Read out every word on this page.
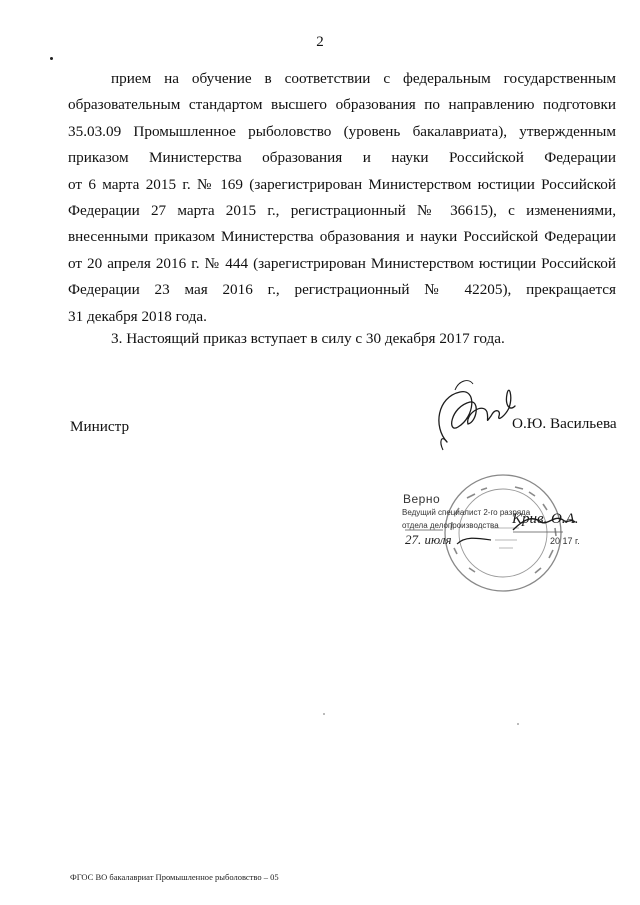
2
прием на обучение в соответствии с федеральным государственным
образовательным стандартом высшего образования по направлению подготовки
35.03.09 Промышленное рыболовство (уровень бакалавриата), утвержденным
приказом Министерства образования и науки Российской Федерации
от 6 марта 2015 г. № 169 (зарегистрирован Министерством юстиции Российской
Федерации 27 марта 2015 г., регистрационный № 36615), с изменениями,
внесенными приказом Министерства образования и науки Российской Федерации
от 20 апреля 2016 г. № 444 (зарегистрирован Министерством юстиции Российской
Федерации 23 мая 2016 г., регистрационный № 42205), прекращается
31 декабря 2018 года.
3. Настоящий приказ вступает в силу с 30 декабря 2017 года.
Министр	О.Ю. Васильева
Верно
Ведущий специалист 2-го разряда
отдела делопроизводства Крив. О.А.
27. июля	20 17 г.
ФГОС ВО бакалавриат Промышленное рыболовство – 05
